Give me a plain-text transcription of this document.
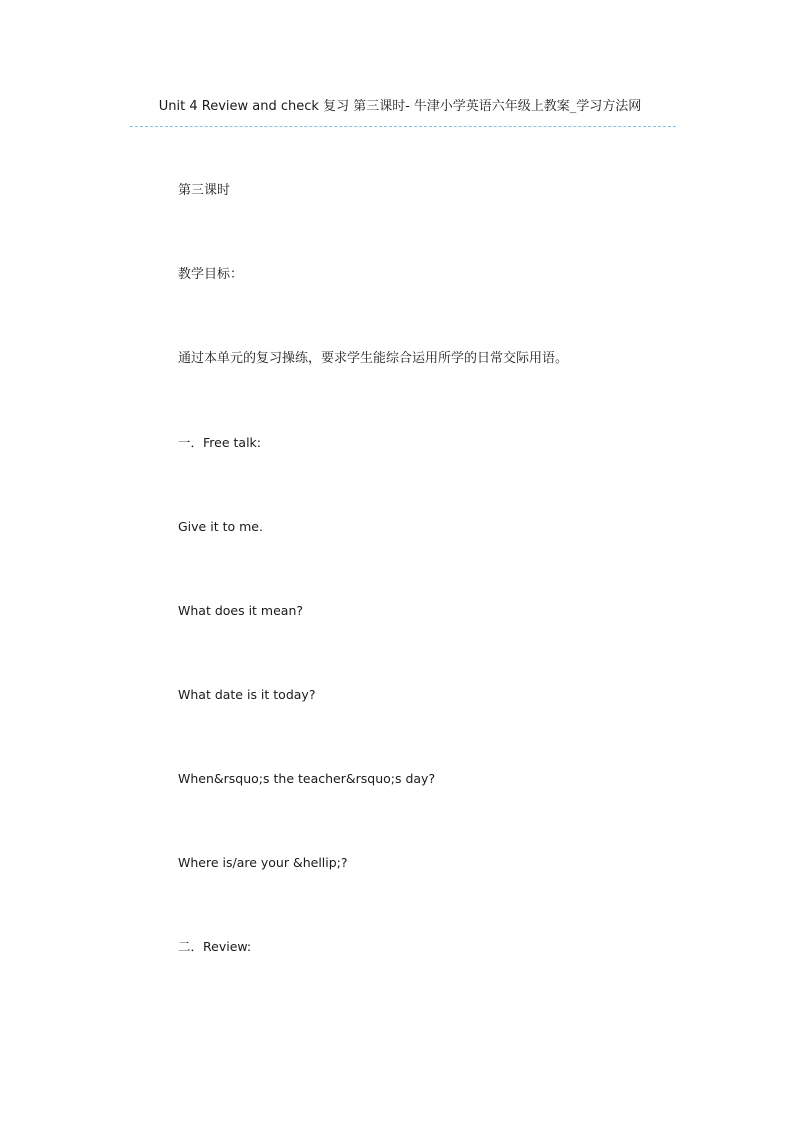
Unit 4 Review and check 复习 第三课时- 牛津小学英语六年级上教案_学习方法网
第三课时
教学目标：
通过本单元的复习操练，要求学生能综合运用所学的日常交际用语。
一．Free talk:
Give it to me.
What does it mean?
What date is it today?
When&rsquo;s the teacher&rsquo;s day?
Where is/are your &hellip;?
二．Review:
